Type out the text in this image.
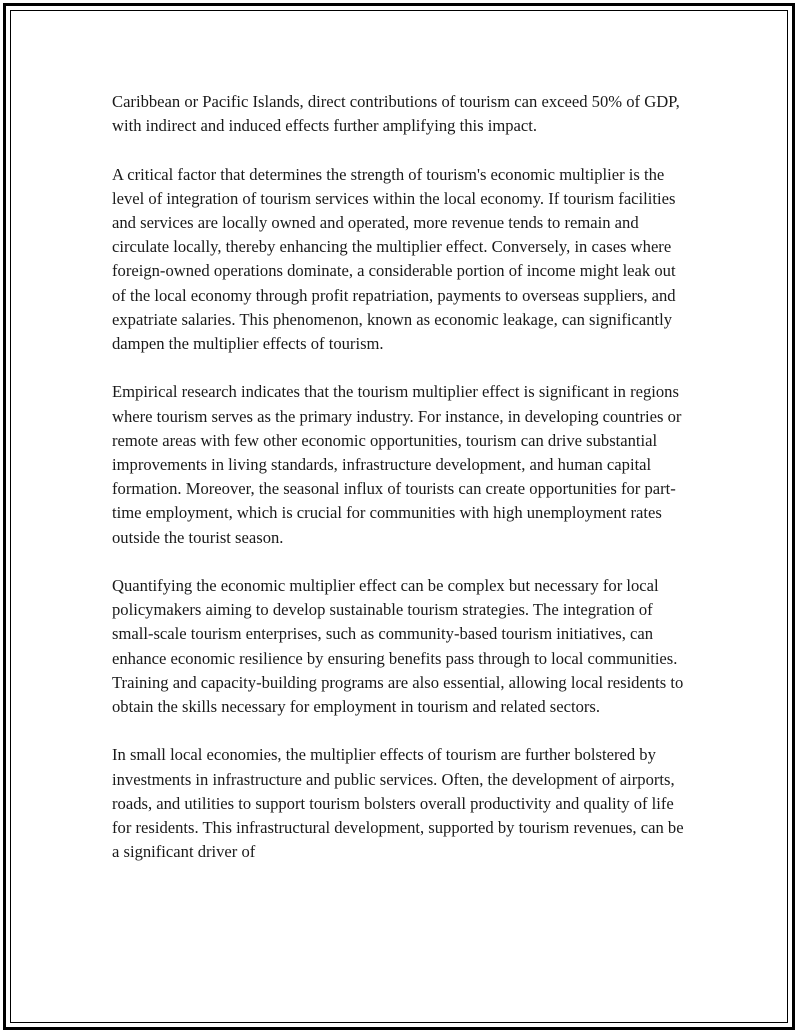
Caribbean or Pacific Islands, direct contributions of tourism can exceed 50% of GDP, with indirect and induced effects further amplifying this impact.

A critical factor that determines the strength of tourism's economic multiplier is the level of integration of tourism services within the local economy. If tourism facilities and services are locally owned and operated, more revenue tends to remain and circulate locally, thereby enhancing the multiplier effect. Conversely, in cases where foreign-owned operations dominate, a considerable portion of income might leak out of the local economy through profit repatriation, payments to overseas suppliers, and expatriate salaries. This phenomenon, known as economic leakage, can significantly dampen the multiplier effects of tourism.

Empirical research indicates that the tourism multiplier effect is significant in regions where tourism serves as the primary industry. For instance, in developing countries or remote areas with few other economic opportunities, tourism can drive substantial improvements in living standards, infrastructure development, and human capital formation. Moreover, the seasonal influx of tourists can create opportunities for part-time employment, which is crucial for communities with high unemployment rates outside the tourist season.

Quantifying the economic multiplier effect can be complex but necessary for local policymakers aiming to develop sustainable tourism strategies. The integration of small-scale tourism enterprises, such as community-based tourism initiatives, can enhance economic resilience by ensuring benefits pass through to local communities. Training and capacity-building programs are also essential, allowing local residents to obtain the skills necessary for employment in tourism and related sectors.

In small local economies, the multiplier effects of tourism are further bolstered by investments in infrastructure and public services. Often, the development of airports, roads, and utilities to support tourism bolsters overall productivity and quality of life for residents. This infrastructural development, supported by tourism revenues, can be a significant driver of
